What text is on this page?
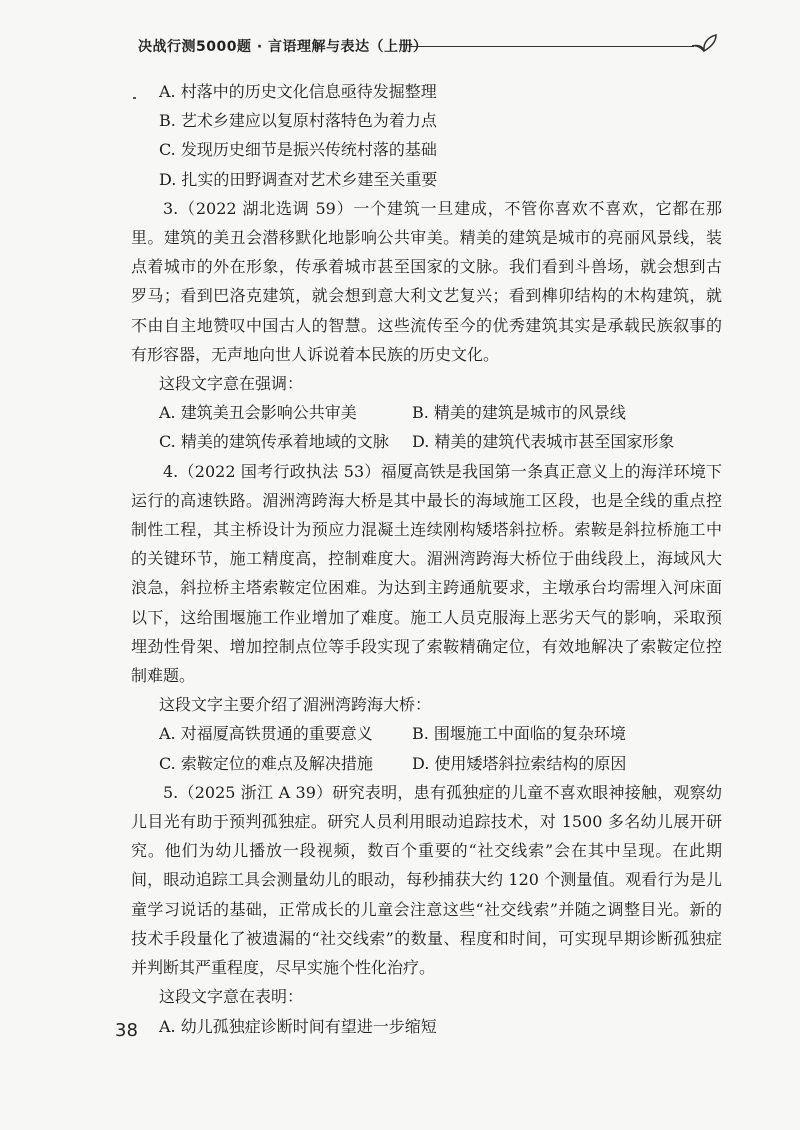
决战行测5000题 · 言语理解与表达（上册）

A. 村落中的历史文化信息亟待发掘整理

B. 艺术乡建应以复原村落特色为着力点

C. 发现历史细节是振兴传统村落的基础

D. 扎实的田野调查对艺术乡建至关重要

3.（2022 湖北选调 59）一个建筑一旦建成，不管你喜欢不喜欢，它都在那里。建筑的美丑会潜移默化地影响公共审美。精美的建筑是城市的亮丽风景线，装点着城市的外在形象，传承着城市甚至国家的文脉。我们看到斗兽场，就会想到古罗马；看到巴洛克建筑，就会想到意大利文艺复兴；看到榫卯结构的木构建筑，就不由自主地赞叹中国古人的智慧。这些流传至今的优秀建筑其实是承载民族叙事的有形容器，无声地向世人诉说着本民族的历史文化。

这段文字意在强调：

A. 建筑美丑会影响公共审美	B. 精美的建筑是城市的风景线
C. 精美的建筑传承着地域的文脉	D. 精美的建筑代表城市甚至国家形象

4.（2022 国考行政执法 53）福厦高铁是我国第一条真正意义上的海洋环境下运行的高速铁路。湄洲湾跨海大桥是其中最长的海域施工区段，也是全线的重点控制性工程，其主桥设计为预应力混凝土连续刚构矮塔斜拉桥。索鞍是斜拉桥施工中的关键环节，施工精度高，控制难度大。湄洲湾跨海大桥位于曲线段上，海域风大浪急，斜拉桥主塔索鞍定位困难。为达到主跨通航要求，主墩承台均需埋入河床面以下，这给围堰施工作业增加了难度。施工人员克服海上恶劣天气的影响，采取预埋劲性骨架、增加控制点位等手段实现了索鞍精确定位，有效地解决了索鞍定位控制难题。

这段文字主要介绍了湄洲湾跨海大桥：

A. 对福厦高铁贯通的重要意义	B. 围堰施工中面临的复杂环境
C. 索鞍定位的难点及解决措施	D. 使用矮塔斜拉索结构的原因

5.（2025 浙江 A 39）研究表明，患有孤独症的儿童不喜欢眼神接触，观察幼儿目光有助于预判孤独症。研究人员利用眼动追踪技术，对 1500 多名幼儿展开研究。他们为幼儿播放一段视频，数百个重要的“社交线索”会在其中呈现。在此期间，眼动追踪工具会测量幼儿的眼动，每秒捕获大约 120 个测量值。观看行为是儿童学习说话的基础，正常成长的儿童会注意这些“社交线索”并随之调整目光。新的技术手段量化了被遗漏的“社交线索”的数量、程度和时间，可实现早期诊断孤独症并判断其严重程度，尽早实施个性化治疗。

这段文字意在表明：

A. 幼儿孤独症诊断时间有望进一步缩短

38
